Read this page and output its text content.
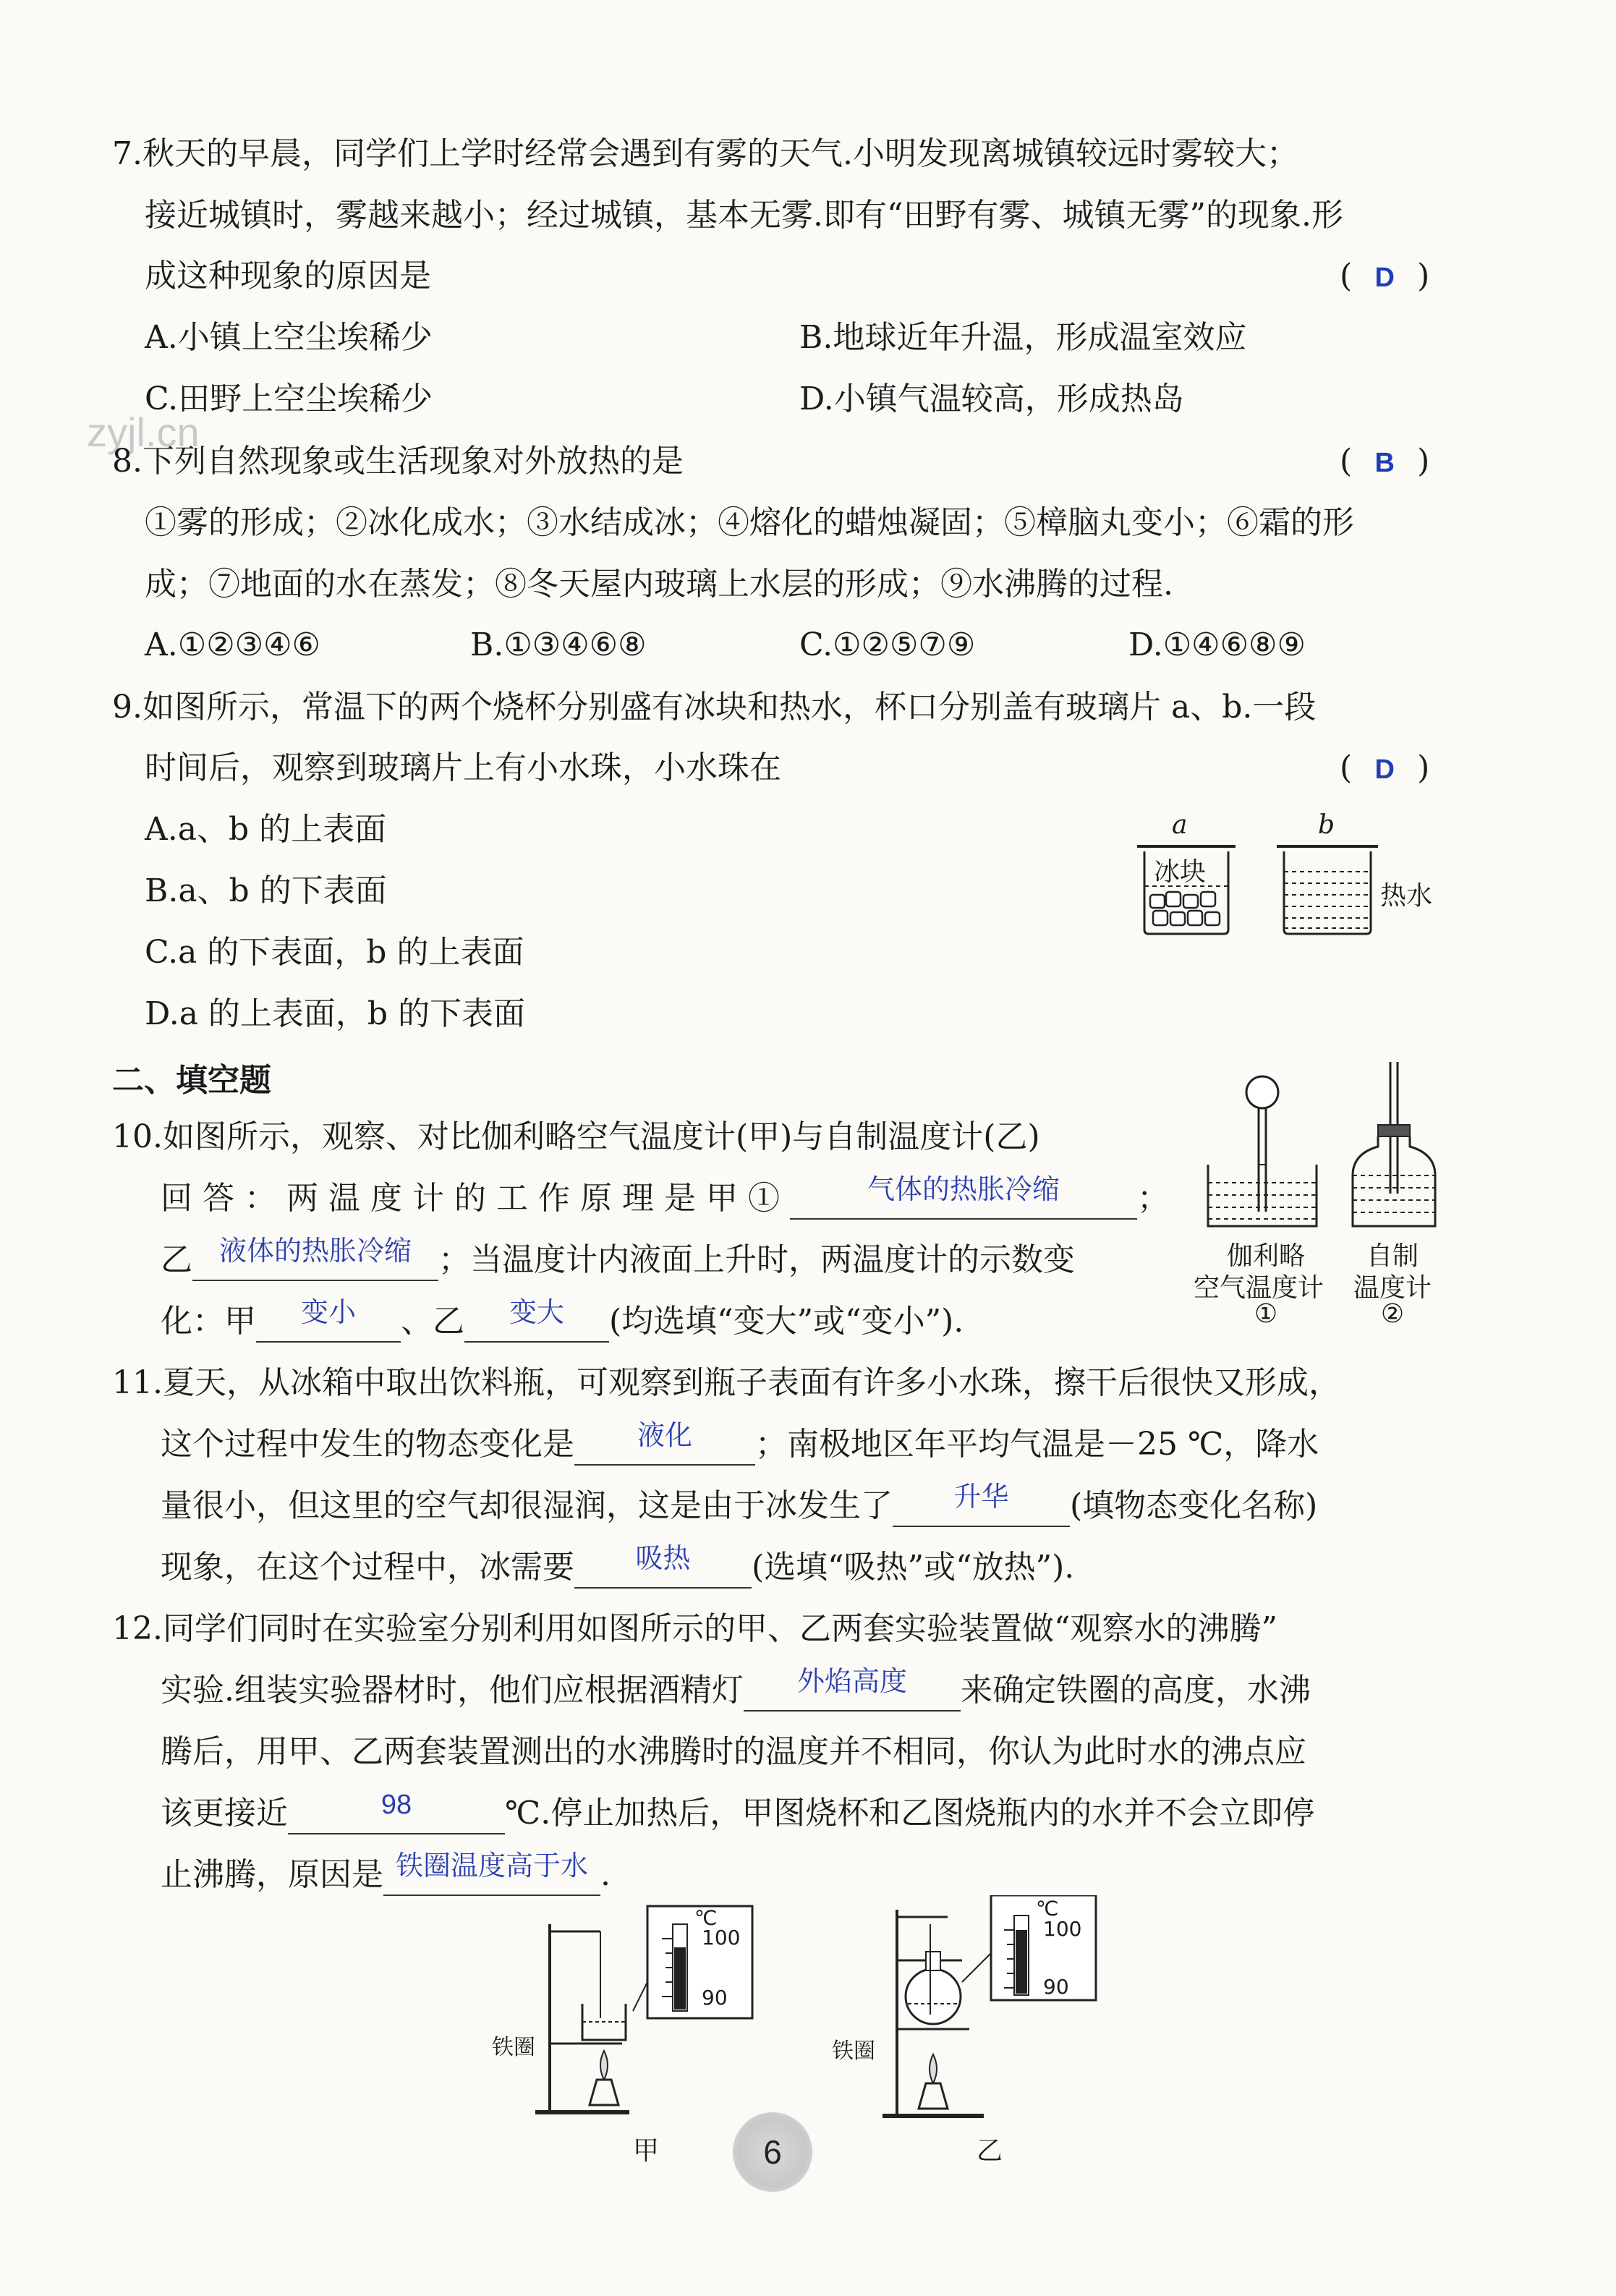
zyjl.cn
7.秋天的早晨，同学们上学时经常会遇到有雾的天气.小明发现离城镇较远时雾较大；
接近城镇时，雾越来越小；经过城镇，基本无雾.即有“田野有雾、城镇无雾”的现象.形
成这种现象的原因是	( D )
A.小镇上空尘埃稀少	B.地球近年升温，形成温室效应
C.田野上空尘埃稀少	D.小镇气温较高，形成热岛
8.下列自然现象或生活现象对外放热的是	( B )
①雾的形成；②冰化成水；③水结成冰；④熔化的蜡烛凝固；⑤樟脑丸变小；⑥霜的形
成；⑦地面的水在蒸发；⑧冬天屋内玻璃上水层的形成；⑨水沸腾的过程.
A.①②③④⑥	B.①③④⑥⑧	C.①②⑤⑦⑨	D.①④⑥⑧⑨
9.如图所示，常温下的两个烧杯分别盛有冰块和热水，杯口分别盖有玻璃片 a、b.一段
时间后，观察到玻璃片上有小水珠，小水珠在	( D )
A.a、b 的上表面
B.a、b 的下表面
C.a 的下表面，b 的上表面
D.a 的上表面，b 的下表面
a	b
冰块
热水
二、填空题
10.如图所示，观察、对比伽利略空气温度计(甲)与自制温度计(乙)
回答：两温度计的工作原理是甲①	气体的热胀冷缩 ；
乙 液体的热胀冷缩 ；当温度计内液面上升时，两温度计的示数变
化：甲 变小 、乙 变大 (均选填“变大”或“变小”).
伽利略
空气温度计
①
自制
温度计
②
11.夏天，从冰箱中取出饮料瓶，可观察到瓶子表面有许多小水珠，擦干后很快又形成，
这个过程中发生的物态变化是 液化 ；南极地区年平均气温是－25 ℃，降水
量很小，但这里的空气却很湿润，这是由于冰发生了 升华 (填物态变化名称)
现象，在这个过程中，冰需要 吸热 (选填“吸热”或“放热”).
12.同学们同时在实验室分别利用如图所示的甲、乙两套实验装置做“观察水的沸腾”
实验.组装实验器材时，他们应根据酒精灯 外焰高度 来确定铁圈的高度，水沸
腾后，用甲、乙两套装置测出的水沸腾时的温度并不相同，你认为此时水的沸点应
该更接近	98	℃.停止加热后，甲图烧杯和乙图烧瓶内的水并不会立即停
止沸腾，原因是 铁圈温度高于水 .
铁圈
℃
100
90
铁圈
℃
100
90
甲	乙
6
